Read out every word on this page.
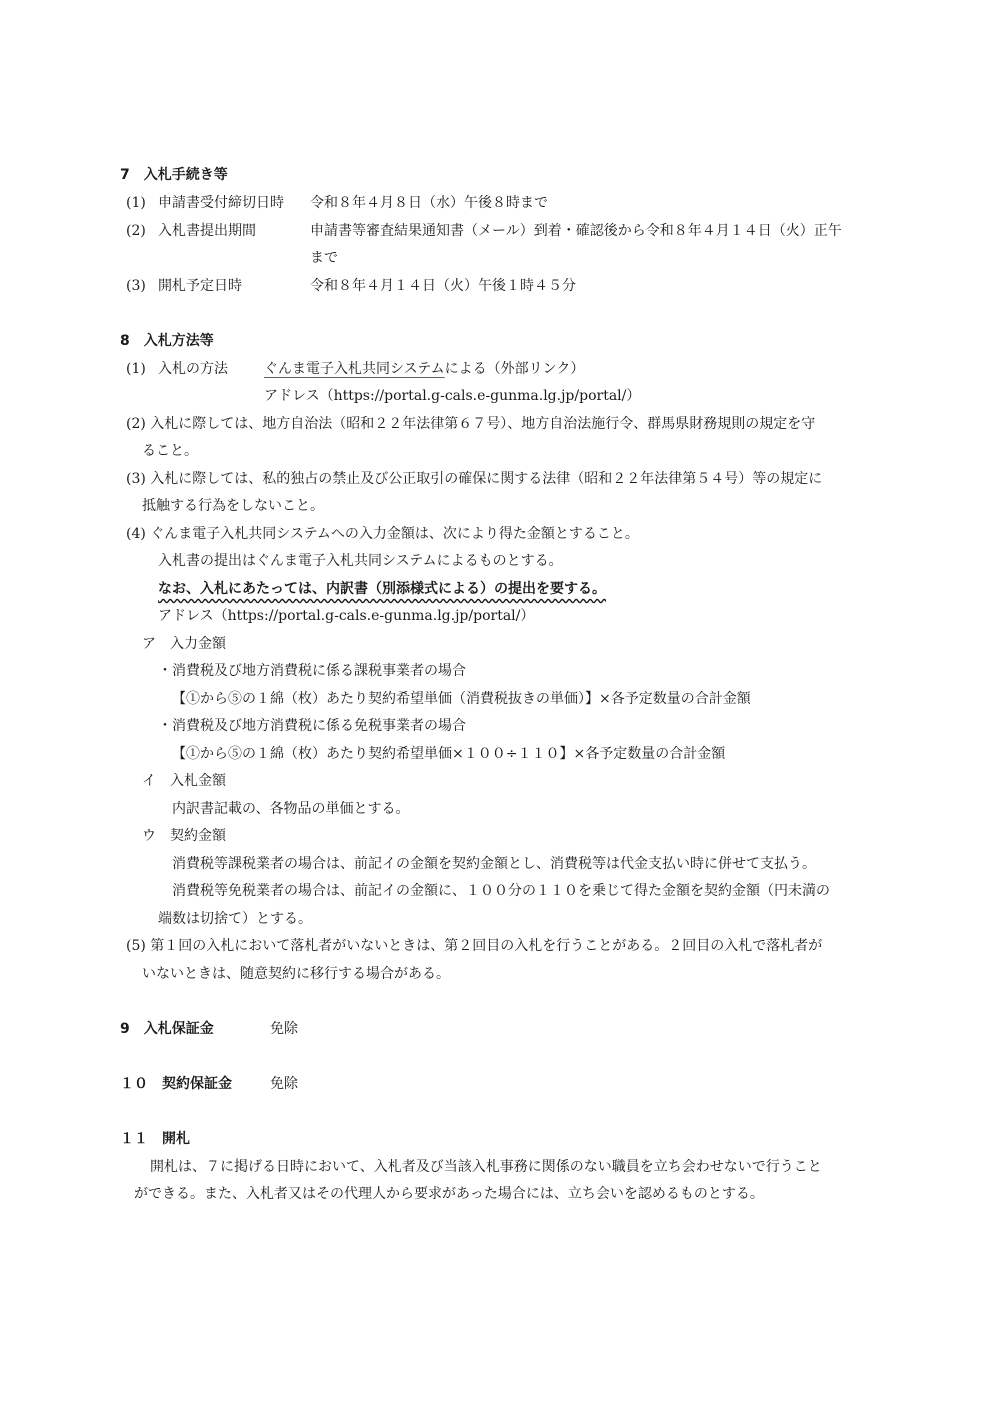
7　入札手続き等
(1) 申請書受付締切日時 令和８年４月８日（水）午後８時まで
(2) 入札書提出期間	申請書等審査結果通知書（メール）到着・確認後から令和８年４月１４日（火）正午
まで
(3) 開札予定日時	令和８年４月１４日（火）午後１時４５分
8　入札方法等
(1) 入札の方法	ぐんま電子入札共同システムによる（外部リンク）
アドレス（https://portal.g-cals.e-gunma.lg.jp/portal/）
(2) 入札に際しては、地方自治法（昭和２２年法律第６７号）、地方自治法施行令、群馬県財務規則の規定を守
ること。
(3) 入札に際しては、私的独占の禁止及び公正取引の確保に関する法律（昭和２２年法律第５４号）等の規定に
抵触する行為をしないこと。
(4) ぐんま電子入札共同システムへの入力金額は、次により得た金額とすること。
入札書の提出はぐんま電子入札共同システムによるものとする。
なお、入札にあたっては、内訳書（別添様式による）の提出を要する。
アドレス（https://portal.g-cals.e-gunma.lg.jp/portal/）
ア　入力金額
・消費税及び地方消費税に係る課税事業者の場合
【①から⑤の１綿（枚）あたり契約希望単価（消費税抜きの単価）】×各予定数量の合計金額
・消費税及び地方消費税に係る免税事業者の場合
【①から⑤の１綿（枚）あたり契約希望単価×１００÷１１０】×各予定数量の合計金額
イ　入札金額
内訳書記載の、各物品の単価とする。
ウ　契約金額
消費税等課税業者の場合は、前記イの金額を契約金額とし、消費税等は代金支払い時に併せて支払う。
消費税等免税業者の場合は、前記イの金額に、１００分の１１０を乗じて得た金額を契約金額（円未満の
端数は切捨て）とする。
(5) 第１回の入札において落札者がいないときは、第２回目の入札を行うことがある。２回目の入札で落札者が
いないときは、随意契約に移行する場合がある。
9　入札保証金	免除
１０　契約保証金	免除
１１　開札
開札は、７に掲げる日時において、入札者及び当該入札事務に関係のない職員を立ち会わせないで行うこと
ができる。また、入札者又はその代理人から要求があった場合には、立ち会いを認めるものとする。
